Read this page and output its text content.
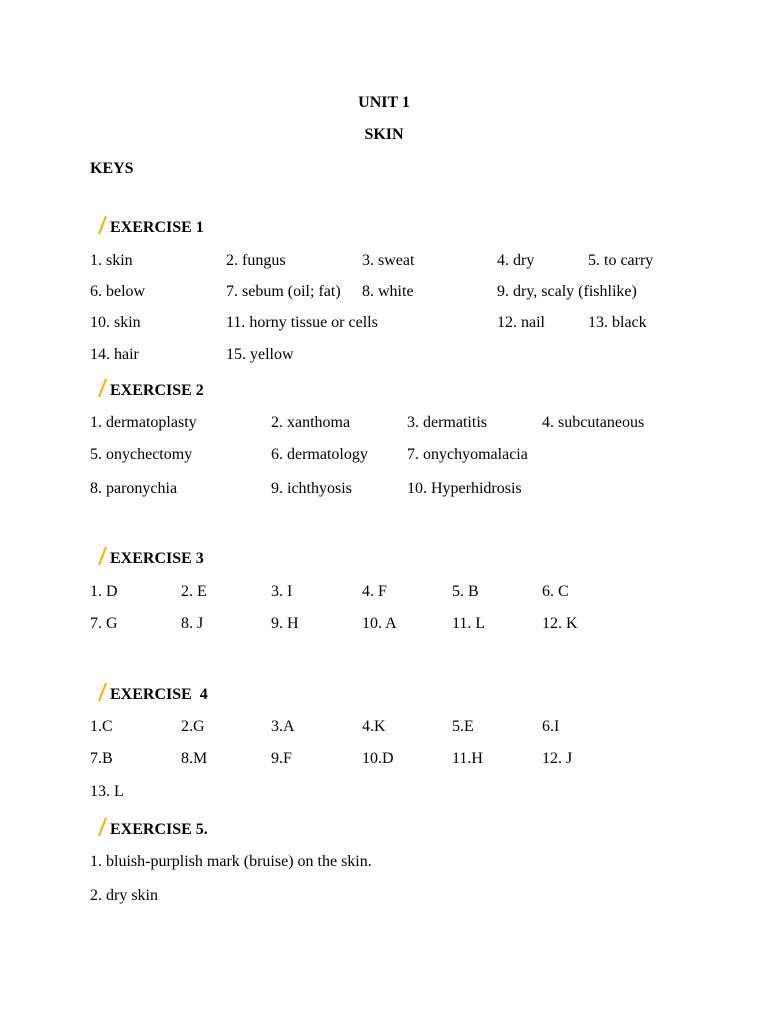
UNIT 1
SKIN
KEYS
EXERCISE 1
1. skin	2. fungus	3. sweat	4. dry	5. to carry
6. below	7. sebum (oil; fat) 8. white	9. dry, scaly (fishlike)
10. skin	11. horny tissue or cells	12. nail	13. black
14. hair	15. yellow
EXERCISE 2
1. dermatoplasty	2. xanthoma	3. dermatitis	4. subcutaneous
5. onychectomy	6. dermatology 7. onychyomalacia
8. paronychia	9. ichthyosis	10. Hyperhidrosis
EXERCISE 3
1. D	2. E	3. I	4. F	5. B	6. C
7. G	8. J	9. H	10. A	11. L	12. K
EXERCISE  4
1.C	2.G	3.A	4.K	5.E	6.I
7.B	8.M	9.F	10.D	11.H	12. J
13. L
EXERCISE 5.
1. bluish-purplish mark (bruise) on the skin.
2. dry skin
